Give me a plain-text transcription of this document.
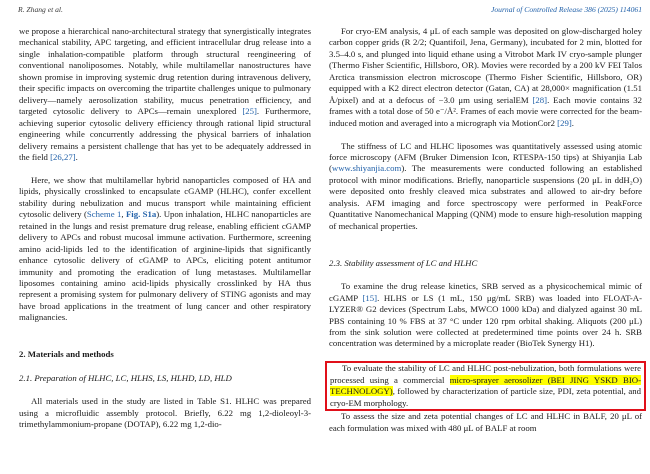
R. Zhang et al.	Journal of Controlled Release 386 (2025) 114061

we propose a hierarchical nano-architectural strategy that synergistically integrates mechanical stability, APC targeting, and efficient intracellular drug release into a single inhalation-compatible platform through structural reengineering of conventional nanoliposomes. Notably, while multilamellar nanostructures have shown promise in improving systemic drug retention during intravenous delivery, their specific impacts on overcoming the tripartite challenges unique to pulmonary delivery—namely aerosolization stability, mucus penetration efficiency, and targeted cytosolic delivery to APCs—remain unexplored [25]. Furthermore, achieving superior cytosolic delivery efficiency through rational lipid structural engineering while concurrently addressing the physical barriers of inhalation delivery remains a persistent challenge that has yet to be adequately addressed in the field [26,27].

Here, we show that multilamellar hybrid nanoparticles composed of HA and lipids, physically crosslinked to encapsulate cGAMP (HLHC), confer excellent stability during nebulization and mucus transport while maintaining efficient cytosolic delivery (Scheme 1, Fig. S1a). Upon inhalation, HLHC nanoparticles are retained in the lungs and resist premature drug release, enabling efficient cGAMP delivery to APCs and robust mucosal immune activation. Furthermore, screening amino acid-lipids led to the identification of arginine-lipids that significantly enhance cytosolic delivery of cGAMP to APCs, eliciting potent antitumor immunity and promoting the eradication of lung metastases. Multilamellar liposomes containing amino acid-lipids physically crosslinked by HA thus represent a promising system for pulmonary delivery of STING agonists and may have broad applications in the treatment of lung cancer and other respiratory malignancies.

2. Materials and methods
2.1. Preparation of HLHC, LC, HLHS, LS, HLHD, LD, HLD

All materials used in the study are listed in Table S1. HLHC was prepared using a microfluidic assembly protocol. Briefly, 6.22 mg 1,2-dioleoyl-3-trimethylammonium-propane (DOTAP), 6.22 mg 1,2-dio-

For cryo-EM analysis, 4 μL of each sample was deposited on glow-discharged holey carbon copper grids (R 2/2; Quantifoil, Jena, Germany), incubated for 2 min, blotted for 3.5–4.0 s, and plunged into liquid ethane using a Vitrobot Mark IV cryo-sample plunger (Thermo Fisher Scientific, Hillsboro, OR). Movies were recorded by a 200 kV FEI Talos Arctica transmission electron microscope (Thermo Fisher Scientific, Hillsboro, OR) equipped with a K2 direct electron detector (Gatan, CA) at 28,000× magnification (1.51 Å/pixel) and at a defocus of −3.0 μm using serialEM [28]. Each movie contains 32 frames with a total dose of 50 e⁻/Å². Frames of each movie were corrected for the beam-induced motion and averaged into a micrograph via MotionCor2 [29].

The stiffness of LC and HLHC liposomes was quantitatively assessed using atomic force microscopy (AFM (Bruker Dimension Icon, RTESPA-150 tips) at Shiyanjia Lab (www.shiyanjia.com). The measurements were conducted following an established protocol with minor modifications. Briefly, nanoparticle suspensions (20 μL in ddH₂O) were deposited onto freshly cleaved mica substrates and allowed to air-dry before analysis. AFM imaging and force spectroscopy were performed in PeakForce Quantitative Nanomechanical Mapping (QNM) mode to ensure high-resolution mapping of mechanical properties.

2.3. Stability assessment of LC and HLHC

To examine the drug release kinetics, SRB served as a physicochemical mimic of cGAMP [15]. HLHS or LS (1 mL, 150 μg/mL SRB) was loaded into FLOAT-A-LYZER® G2 devices (Spectrum Labs, MWCO 1000 kDa) and dialyzed against 30 mL PBS containing 10 % FBS at 37 °C under 120 rpm orbital shaking. Aliquots (200 μL) from the sink solution were collected at predetermined time points over 24 h. SRB concentration was determined by a microplate reader (BioTek Synergy H1).

To evaluate the stability of LC and HLHC post-nebulization, both formulations were processed using a commercial micro-sprayer aerosolizer (BEI JING YSKD BIO-TECHNOLOGY), followed by characterization of particle size, PDI, zeta potential, and cryo-EM morphology.

To assess the size and zeta potential changes of LC and HLHC in BALF, 20 μL of each formulation was mixed with 480 μL of BALF at room
